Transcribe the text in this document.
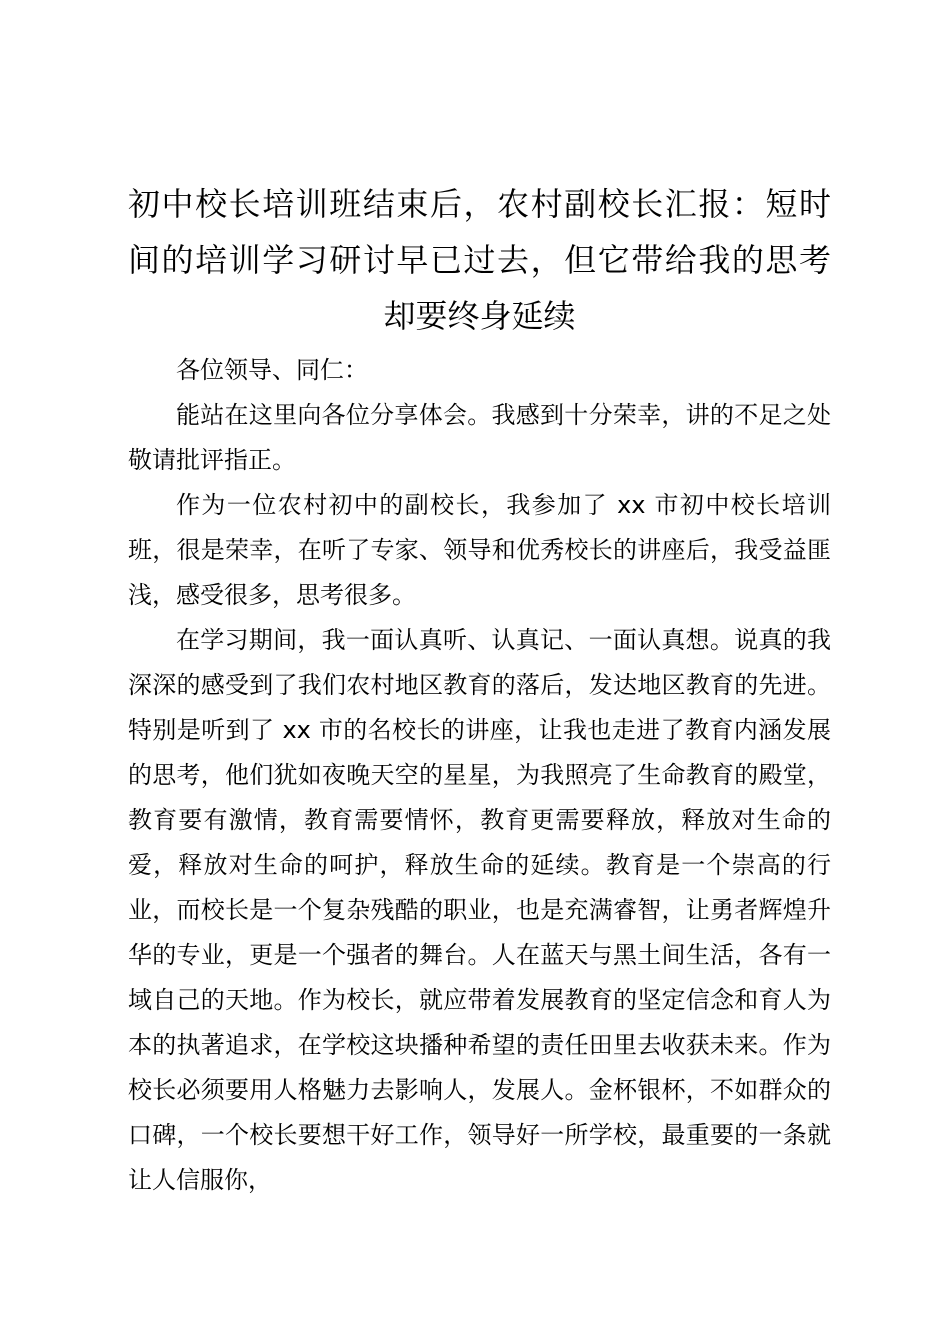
初中校长培训班结束后，农村副校长汇报：短时间的培训学习研讨早已过去，但它带给我的思考却要终身延续

各位领导、同仁：

能站在这里向各位分享体会。我感到十分荣幸，讲的不足之处敬请批评指正。

作为一位农村初中的副校长，我参加了 xx 市初中校长培训班，很是荣幸，在听了专家、领导和优秀校长的讲座后，我受益匪浅，感受很多，思考很多。

在学习期间，我一面认真听、认真记、一面认真想。说真的我深深的感受到了我们农村地区教育的落后，发达地区教育的先进。特别是听到了 xx 市的名校长的讲座，让我也走进了教育内涵发展的思考，他们犹如夜晚天空的星星，为我照亮了生命教育的殿堂，教育要有激情，教育需要情怀，教育更需要释放，释放对生命的爱，释放对生命的呵护，释放生命的延续。教育是一个崇高的行业，而校长是一个复杂残酷的职业，也是充满睿智，让勇者辉煌升华的专业，更是一个强者的舞台。人在蓝天与黑土间生活，各有一域自己的天地。作为校长，就应带着发展教育的坚定信念和育人为本的执著追求，在学校这块播种希望的责任田里去收获未来。作为校长必须要用人格魅力去影响人，发展人。金杯银杯，不如群众的口碑，一个校长要想干好工作，领导好一所学校，最重要的一条就让人信服你，
